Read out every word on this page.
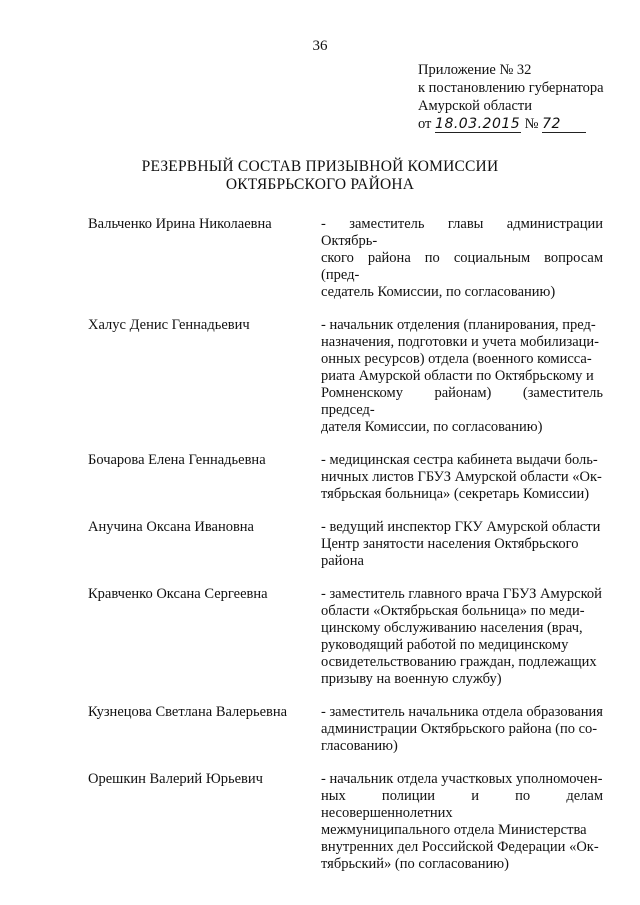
36
Приложение № 32
к постановлению губернатора
Амурской области
от 18.03.2015 № 72
РЕЗЕРВНЫЙ СОСТАВ ПРИЗЫВНОЙ КОМИССИИ
ОКТЯБРЬСКОГО РАЙОНА
Вальченко Ирина Николаевна	- заместитель главы администрации Октябрь-
ского района по социальным вопросам (пред-
седатель Комиссии, по согласованию)
Халус Денис Геннадьевич	- начальник отделения (планирования, пред-
назначения, подготовки и учета мобилизаци-
онных ресурсов) отдела (военного комисса-
риата Амурской области по Октябрьскому и
Ромненскому районам) (заместитель председ-
дателя Комиссии, по согласованию)
Бочарова Елена Геннадьевна	- медицинская сестра кабинета выдачи боль-
ничных листов ГБУЗ Амурской области «Ок-
тябрьская больница» (секретарь Комиссии)
Анучина Оксана Ивановна	- ведущий инспектор ГКУ Амурской области
Центр занятости населения Октябрьского
района
Кравченко Оксана Сергеевна	- заместитель главного врача ГБУЗ Амурской
области «Октябрьская больница» по меди-
цинскому обслуживанию населения (врач,
руководящий работой по медицинскому
освидетельствованию граждан, подлежащих
призыву на военную службу)
Кузнецова Светлана Валерьевна	- заместитель начальника отдела образования
администрации Октябрьского района (по со-
гласованию)
Орешкин Валерий Юрьевич	- начальник отдела участковых уполномочен-
ных полиции и по делам несовершеннолетних
межмуниципального отдела Министерства
внутренних дел Российской Федерации «Ок-
тябрьский» (по согласованию)
